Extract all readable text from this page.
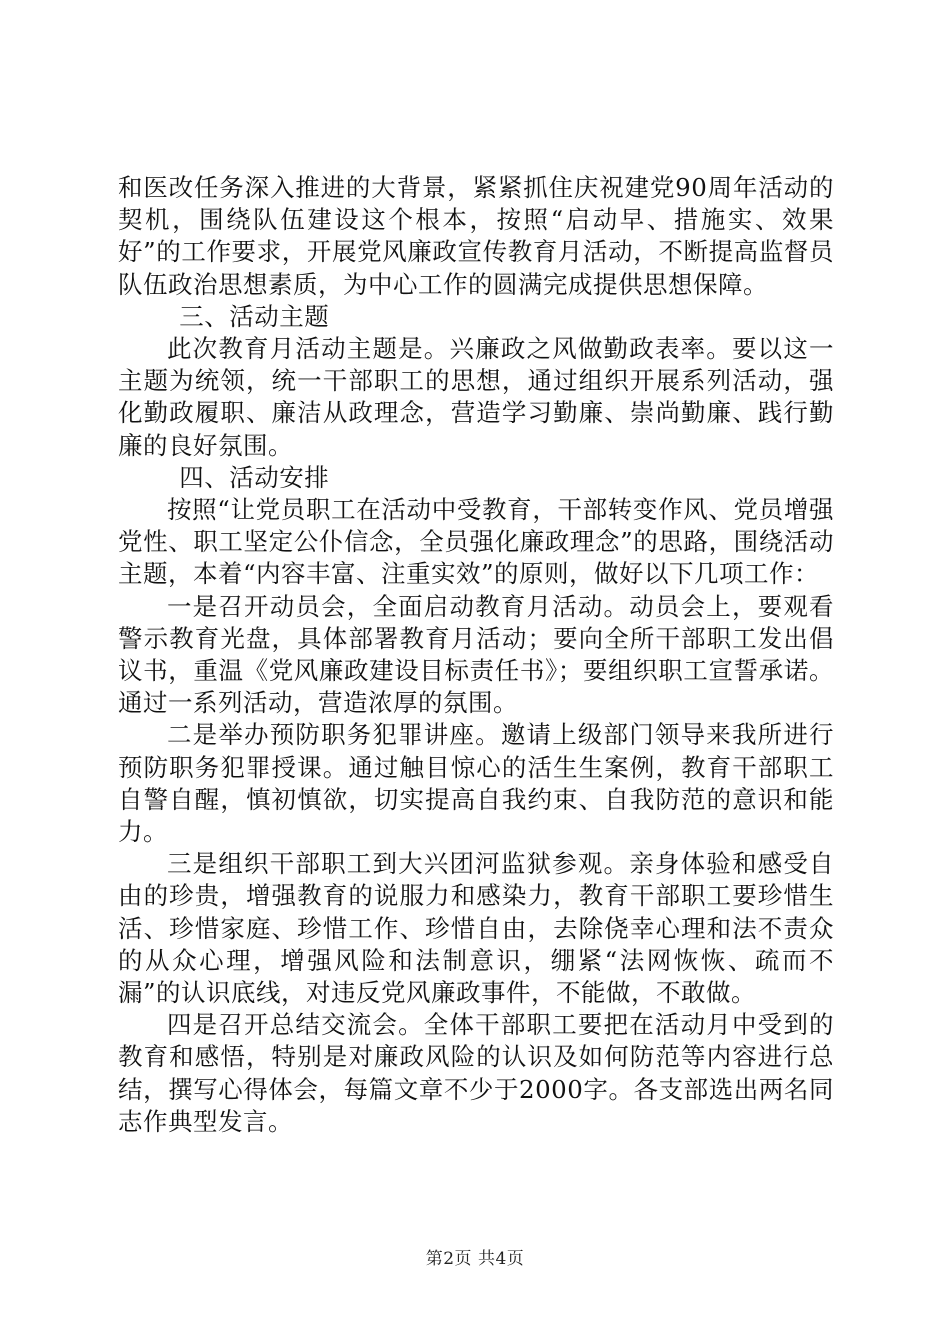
和医改任务深入推进的大背景，紧紧抓住庆祝建党90周年活动的契机，围绕队伍建设这个根本，按照“启动早、措施实、效果好”的工作要求，开展党风廉政宣传教育月活动，不断提高监督员队伍政治思想素质，为中心工作的圆满完成提供思想保障。

三、活动主题

此次教育月活动主题是。兴廉政之风做勤政表率。要以这一主题为统领，统一干部职工的思想，通过组织开展系列活动，强化勤政履职、廉洁从政理念，营造学习勤廉、崇尚勤廉、践行勤廉的良好氛围。

四、活动安排

按照“让党员职工在活动中受教育，干部转变作风、党员增强党性、职工坚定公仆信念，全员强化廉政理念”的思路，围绕活动主题，本着“内容丰富、注重实效”的原则，做好以下几项工作：

一是召开动员会，全面启动教育月活动。动员会上，要观看警示教育光盘，具体部署教育月活动；要向全所干部职工发出倡议书，重温《党风廉政建设目标责任书》；要组织职工宣誓承诺。通过一系列活动，营造浓厚的氛围。

二是举办预防职务犯罪讲座。邀请上级部门领导来我所进行预防职务犯罪授课。通过触目惊心的活生生案例，教育干部职工自警自醒，慎初慎欲，切实提高自我约束、自我防范的意识和能力。

三是组织干部职工到大兴团河监狱参观。亲身体验和感受自由的珍贵，增强教育的说服力和感染力，教育干部职工要珍惜生活、珍惜家庭、珍惜工作、珍惜自由，去除侥幸心理和法不责众的从众心理，增强风险和法制意识，绷紧“法网恢恢、疏而不漏”的认识底线，对违反党风廉政事件，不能做，不敢做。

四是召开总结交流会。全体干部职工要把在活动月中受到的教育和感悟，特别是对廉政风险的认识及如何防范等内容进行总结，撰写心得体会，每篇文章不少于2000字。各支部选出两名同志作典型发言。

第2页 共4页
